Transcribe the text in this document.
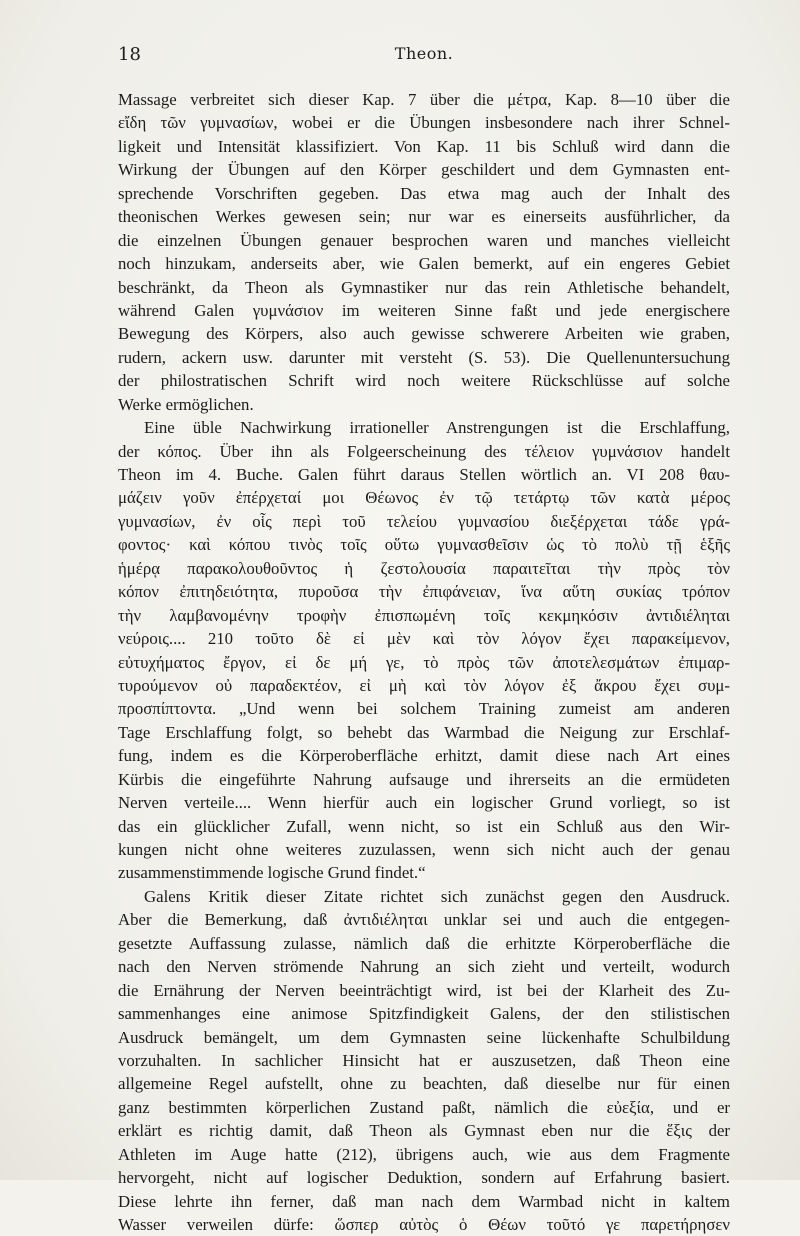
18	Theon.
Massage verbreitet sich dieser Kap. 7 über die μέτρα, Kap. 8—10 über die
εἴδη τῶν γυμνασίων, wobei er die Übungen insbesondere nach ihrer Schnel-
ligkeit und Intensität klassifiziert. Von Kap. 11 bis Schluß wird dann die
Wirkung der Übungen auf den Körper geschildert und dem Gymnasten ent-
sprechende Vorschriften gegeben. Das etwa mag auch der Inhalt des
theonischen Werkes gewesen sein; nur war es einerseits ausführlicher, da
die einzelnen Übungen genauer besprochen waren und manches vielleicht
noch hinzukam, anderseits aber, wie Galen bemerkt, auf ein engeres Gebiet
beschränkt, da Theon als Gymnastiker nur das rein Athletische behandelt,
während Galen γυμνάσιον im weiteren Sinne faßt und jede energischere
Bewegung des Körpers, also auch gewisse schwerere Arbeiten wie graben,
rudern, ackern usw. darunter mit versteht (S. 53). Die Quellenuntersuchung
der philostratischen Schrift wird noch weitere Rückschlüsse auf solche
Werke ermöglichen.
Eine üble Nachwirkung irrationeller Anstrengungen ist die Erschlaffung,
der κόπος. Über ihn als Folgeerscheinung des τέλειον γυμνάσιον handelt
Theon im 4. Buche. Galen führt daraus Stellen wörtlich an. VI 208 θαυ-
μάζειν γοῦν ἐπέρχεταί μοι Θέωνος ἐν τῷ τετάρτῳ τῶν κατὰ μέρος
γυμνασίων, ἐν οἷς περὶ τοῦ τελείου γυμνασίου διεξέρχεται τάδε γρά-
φοντος· καὶ κόπου τινὸς τοῖς οὕτω γυμνασθεῖσιν ὡς τὸ πολὺ τῇ ἑξῆς
ἡμέρᾳ παρακολουθοῦντος ἡ ζεστολουσία παραιτεῖται τὴν πρὸς τὸν
κόπον ἐπιτηδειότητα, πυροῦσα τὴν ἐπιφάνειαν, ἵνα αὕτη συκίας τρόπον
τὴν λαμβανομένην τροφὴν ἐπισπωμένη τοῖς κεκμηκόσιν ἀντιδιέληται
νεύροις.... 210 τοῦτο δὲ εἰ μὲν καὶ τὸν λόγον ἔχει παρακείμενον,
εὐτυχήματος ἔργον, εἰ δε μή γε, τὸ πρὸς τῶν ἀποτελεσμάτων ἐπιμαρ-
τυρούμενον οὐ παραδεκτέον, εἰ μὴ καὶ τὸν λόγον ἐξ ἄκρου ἔχει συμ-
προσπίπτοντα. „Und wenn bei solchem Training zumeist am anderen
Tage Erschlaffung folgt, so behebt das Warmbad die Neigung zur Erschlaf-
fung, indem es die Körperoberfläche erhitzt, damit diese nach Art eines
Kürbis die eingeführte Nahrung aufsauge und ihrerseits an die ermüdeten
Nerven verteile.... Wenn hierfür auch ein logischer Grund vorliegt, so ist
das ein glücklicher Zufall, wenn nicht, so ist ein Schluß aus den Wir-
kungen nicht ohne weiteres zuzulassen, wenn sich nicht auch der genau
zusammenstimmende logische Grund findet.“
Galens Kritik dieser Zitate richtet sich zunächst gegen den Ausdruck.
Aber die Bemerkung, daß ἀντιδιέληται unklar sei und auch die entgegen-
gesetzte Auffassung zulasse, nämlich daß die erhitzte Körperoberfläche die
nach den Nerven strömende Nahrung an sich zieht und verteilt, wodurch
die Ernährung der Nerven beeinträchtigt wird, ist bei der Klarheit des Zu-
sammenhanges eine animose Spitzfindigkeit Galens, der den stilistischen
Ausdruck bemängelt, um dem Gymnasten seine lückenhafte Schulbildung
vorzuhalten. In sachlicher Hinsicht hat er auszusetzen, daß Theon eine
allgemeine Regel aufstellt, ohne zu beachten, daß dieselbe nur für einen
ganz bestimmten körperlichen Zustand paßt, nämlich die εὐεξία, und er
erklärt es richtig damit, daß Theon als Gymnast eben nur die ἕξις der
Athleten im Auge hatte (212), übrigens auch, wie aus dem Fragmente
hervorgeht, nicht auf logischer Deduktion, sondern auf Erfahrung basiert.
Diese lehrte ihn ferner, daß man nach dem Warmbad nicht in kaltem
Wasser verweilen dürfe: ὥσπερ αὐτὸς ὁ Θέων τοῦτό γε παρετήρησεν
